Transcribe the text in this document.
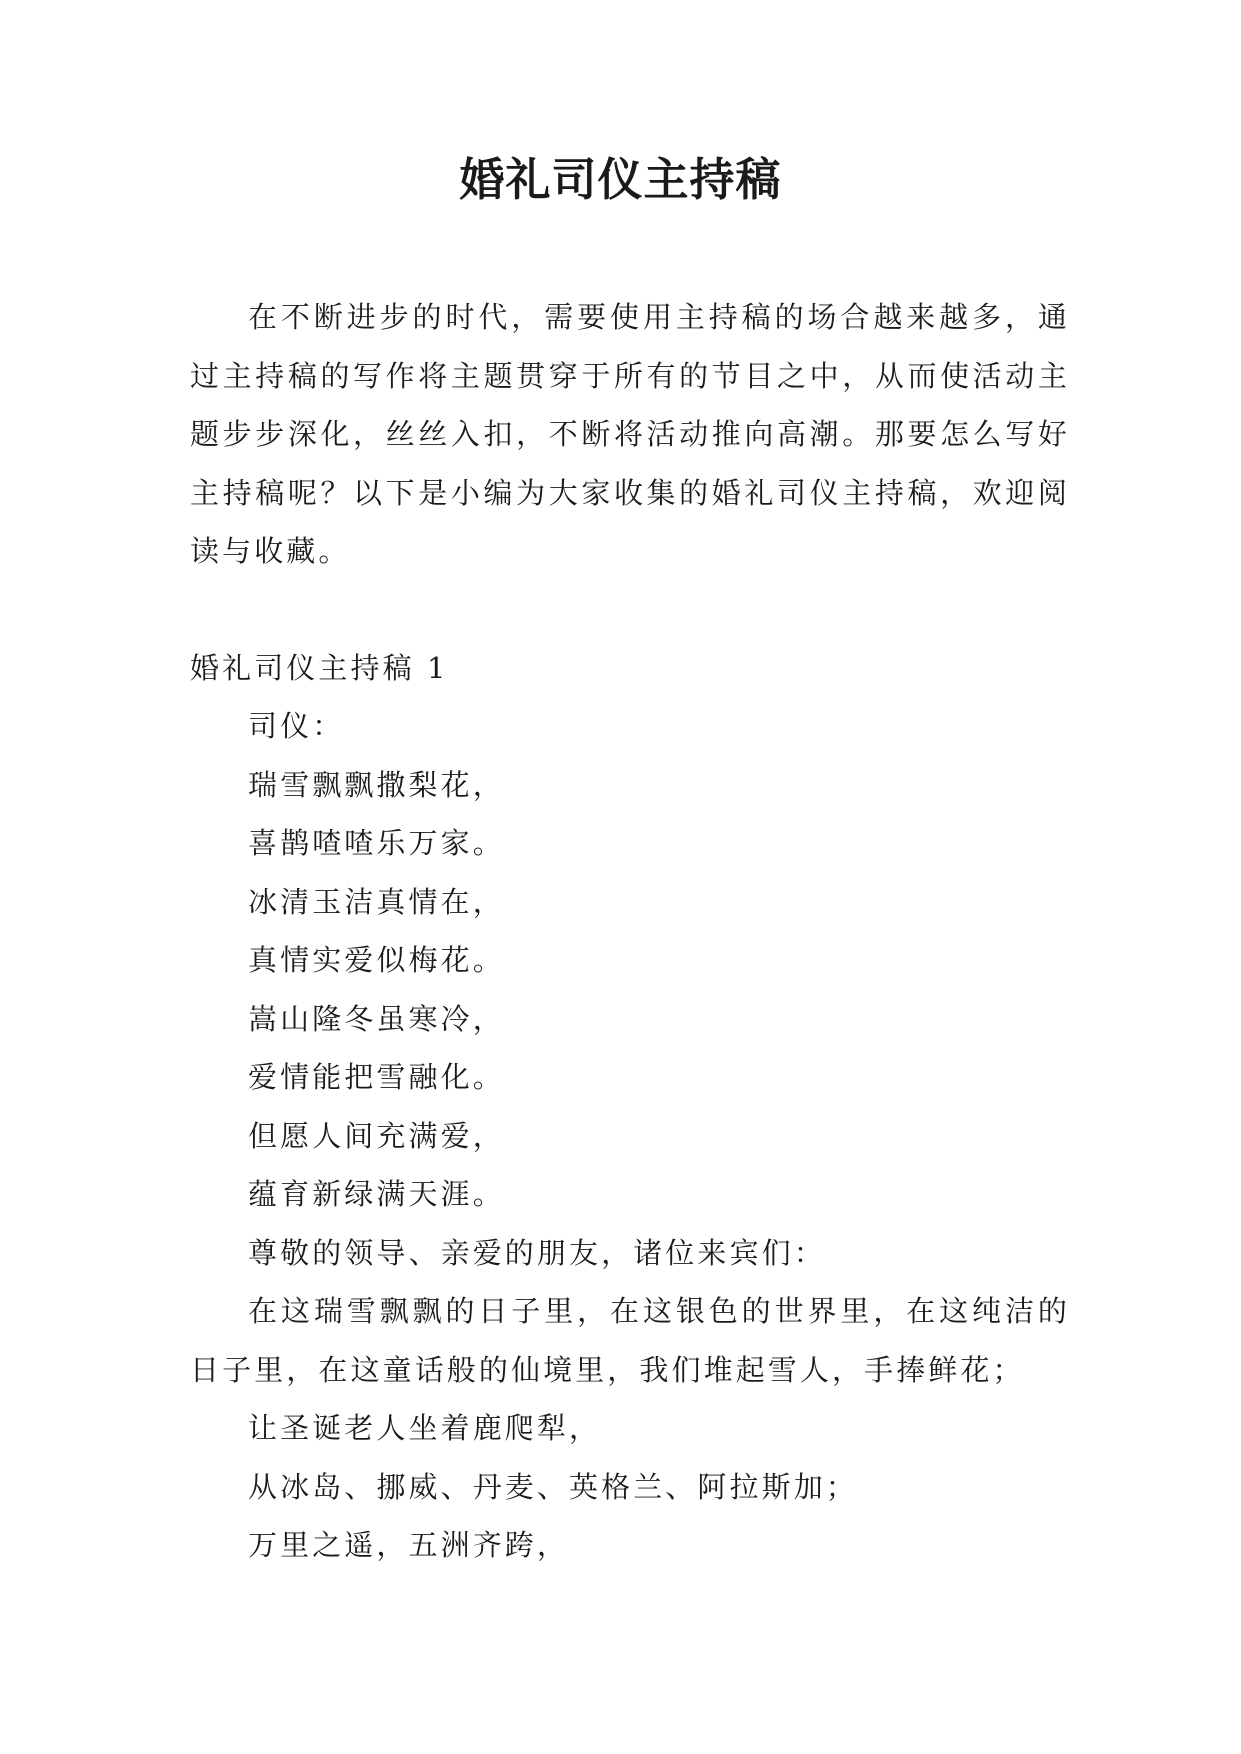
婚礼司仪主持稿

在不断进步的时代，需要使用主持稿的场合越来越多，通过主持稿的写作将主题贯穿于所有的节目之中，从而使活动主题步步深化，丝丝入扣，不断将活动推向高潮。那要怎么写好主持稿呢？以下是小编为大家收集的婚礼司仪主持稿，欢迎阅读与收藏。

婚礼司仪主持稿 1

司仪：

瑞雪飘飘撒梨花，

喜鹊喳喳乐万家。

冰清玉洁真情在，

真情实爱似梅花。

嵩山隆冬虽寒冷，

爱情能把雪融化。

但愿人间充满爱，

蕴育新绿满天涯。

尊敬的领导、亲爱的朋友，诸位来宾们：

在这瑞雪飘飘的日子里，在这银色的世界里，在这纯洁的日子里，在这童话般的仙境里，我们堆起雪人，手捧鲜花；

让圣诞老人坐着鹿爬犁，

从冰岛、挪威、丹麦、英格兰、阿拉斯加；

万里之遥，五洲齐跨，
